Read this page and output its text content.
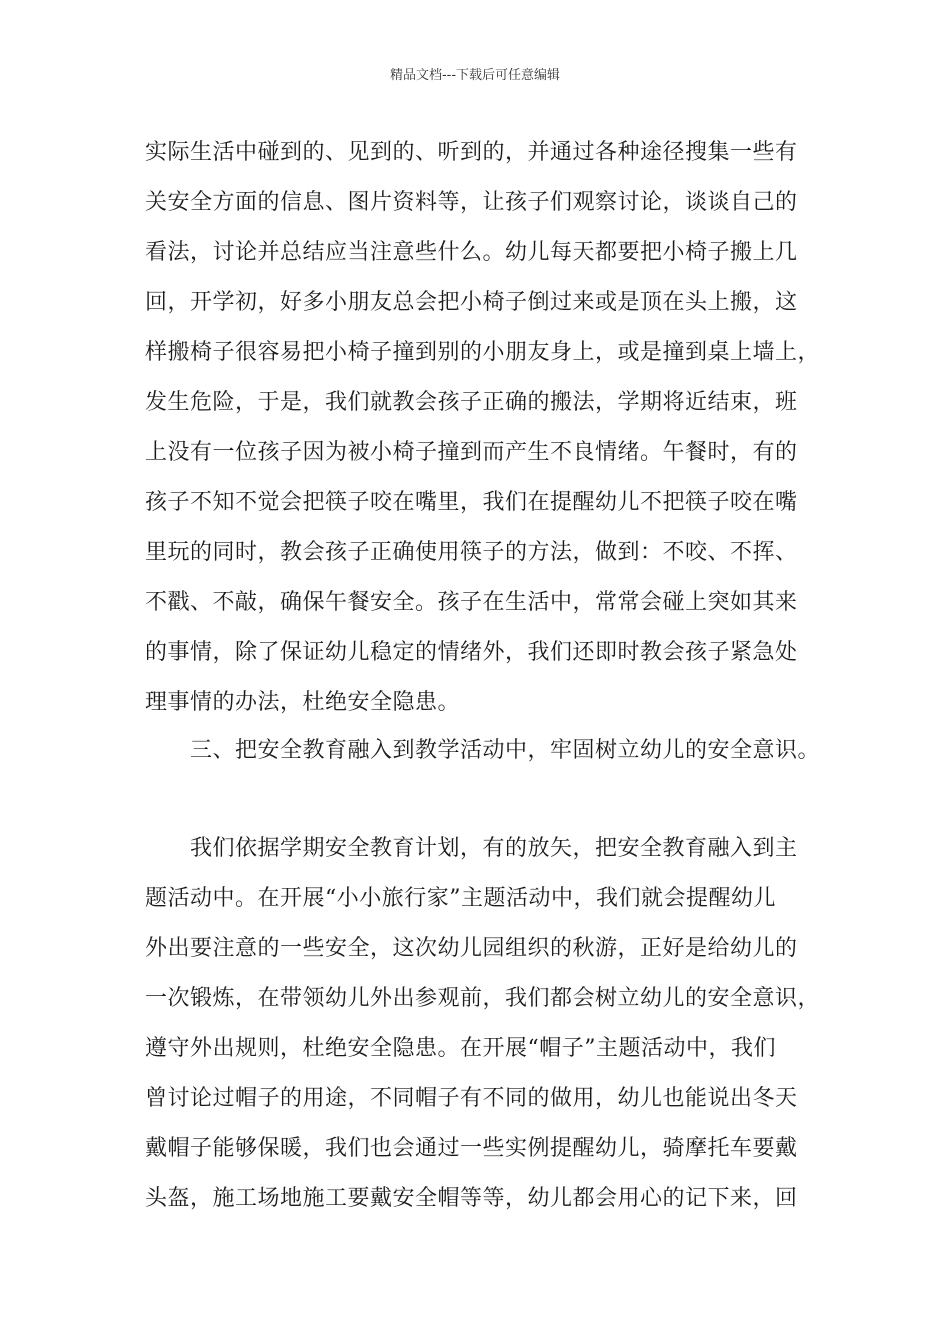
精品文档---下载后可任意编辑
实际生活中碰到的、见到的、听到的，并通过各种途径搜集一些有
关安全方面的信息、图片资料等，让孩子们观察讨论，谈谈自己的
看法，讨论并总结应当注意些什么。幼儿每天都要把小椅子搬上几
回，开学初，好多小朋友总会把小椅子倒过来或是顶在头上搬，这
样搬椅子很容易把小椅子撞到别的小朋友身上，或是撞到桌上墙上，
发生危险，于是，我们就教会孩子正确的搬法，学期将近结束，班
上没有一位孩子因为被小椅子撞到而产生不良情绪。午餐时，有的
孩子不知不觉会把筷子咬在嘴里，我们在提醒幼儿不把筷子咬在嘴
里玩的同时，教会孩子正确使用筷子的方法，做到：不咬、不挥、
不戳、不敲，确保午餐安全。孩子在生活中，常常会碰上突如其来
的事情，除了保证幼儿稳定的情绪外，我们还即时教会孩子紧急处
理事情的办法，杜绝安全隐患。
三、把安全教育融入到教学活动中，牢固树立幼儿的安全意识。
我们依据学期安全教育计划，有的放矢，把安全教育融入到主
题活动中。在开展“小小旅行家”主题活动中，我们就会提醒幼儿
外出要注意的一些安全，这次幼儿园组织的秋游，正好是给幼儿的
一次锻炼，在带领幼儿外出参观前，我们都会树立幼儿的安全意识，
遵守外出规则，杜绝安全隐患。在开展“帽子”主题活动中，我们
曾讨论过帽子的用途，不同帽子有不同的做用，幼儿也能说出冬天
戴帽子能够保暖，我们也会通过一些实例提醒幼儿，骑摩托车要戴
头盔，施工场地施工要戴安全帽等等，幼儿都会用心的记下来，回
